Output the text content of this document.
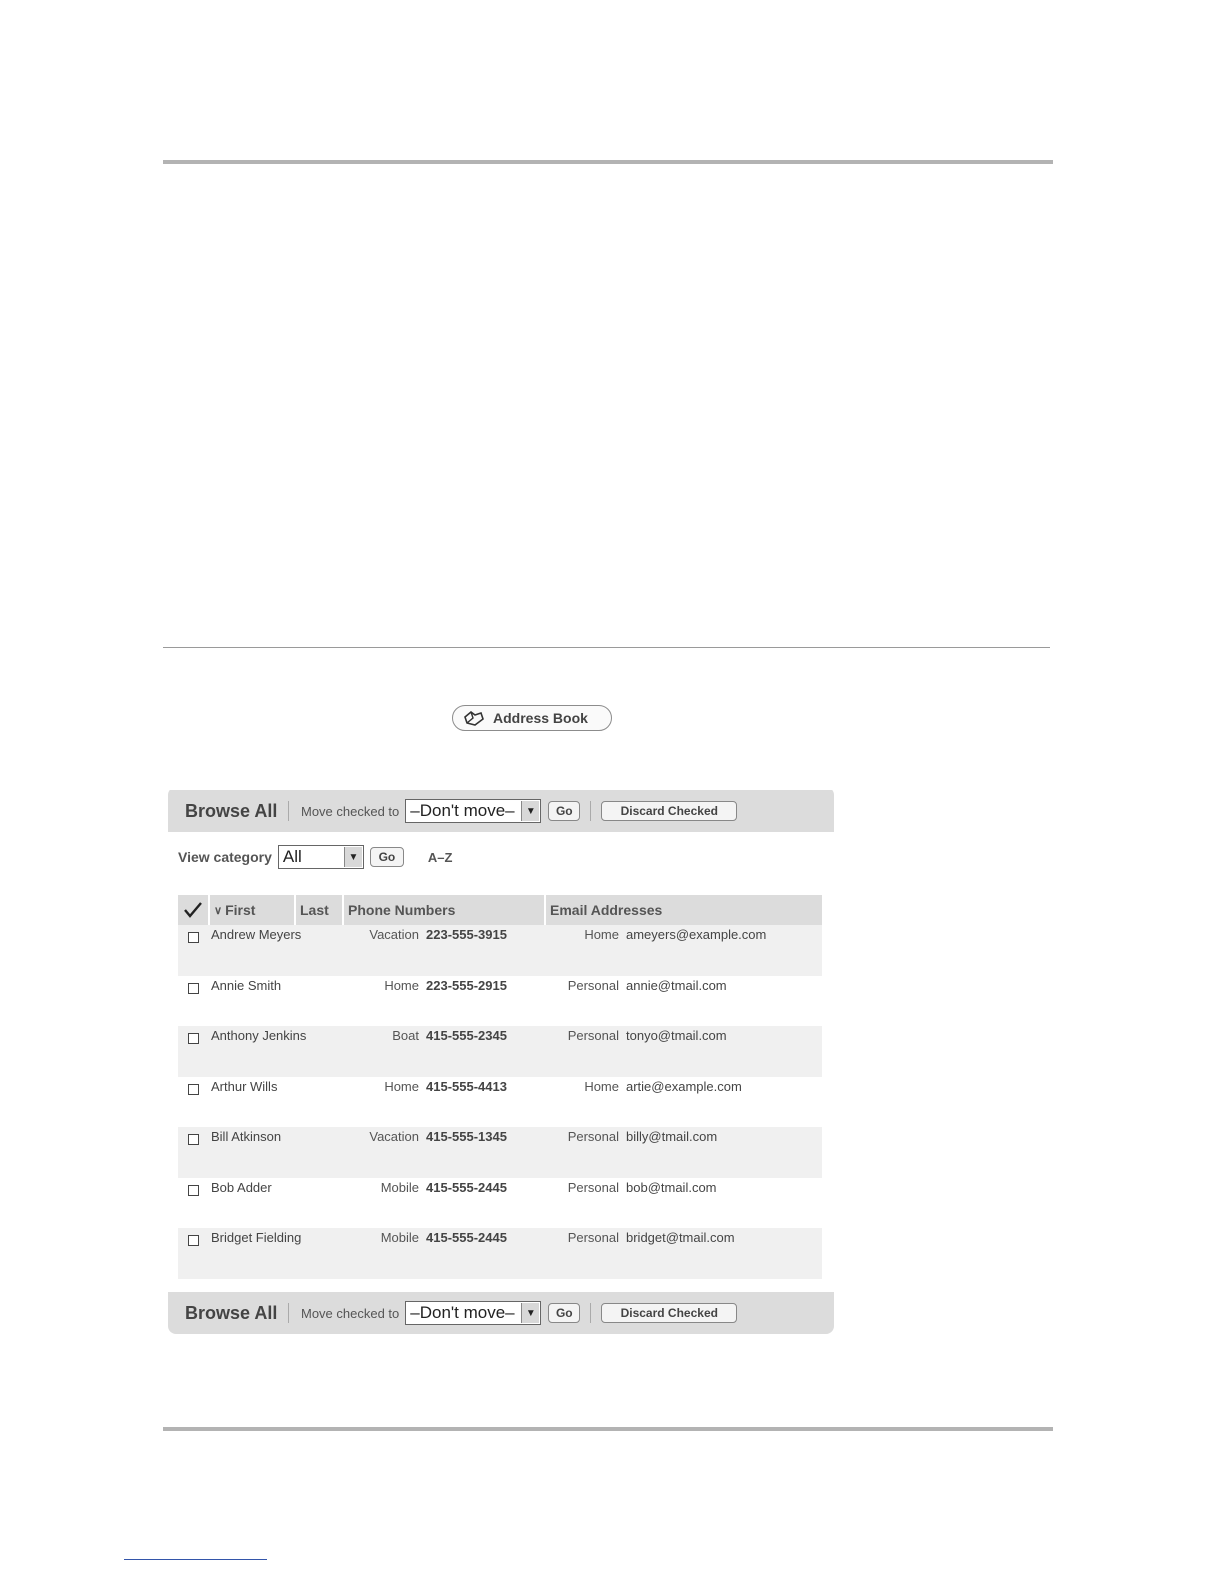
Address Book
Browse All	Move checked to –Don't move–	▼	Go	Discard Checked
View category All	▼	Go	A–Z
∨ First	Last Phone Numbers	Email Addresses
Andrew Meyers	Vacation 223-555-3915	Home ameyers@example.com
Annie Smith	Home 223-555-2915	Personal annie@tmail.com
Anthony Jenkins	Boat 415-555-2345	Personal tonyo@tmail.com
Arthur Wills	Home 415-555-4413	Home artie@example.com
Bill Atkinson	Vacation 415-555-1345	Personal billy@tmail.com
Bob Adder	Mobile 415-555-2445	Personal bob@tmail.com
Bridget Fielding	Mobile 415-555-2445	Personal bridget@tmail.com
Browse All	Move checked to –Don't move–	▼	Go	Discard Checked
